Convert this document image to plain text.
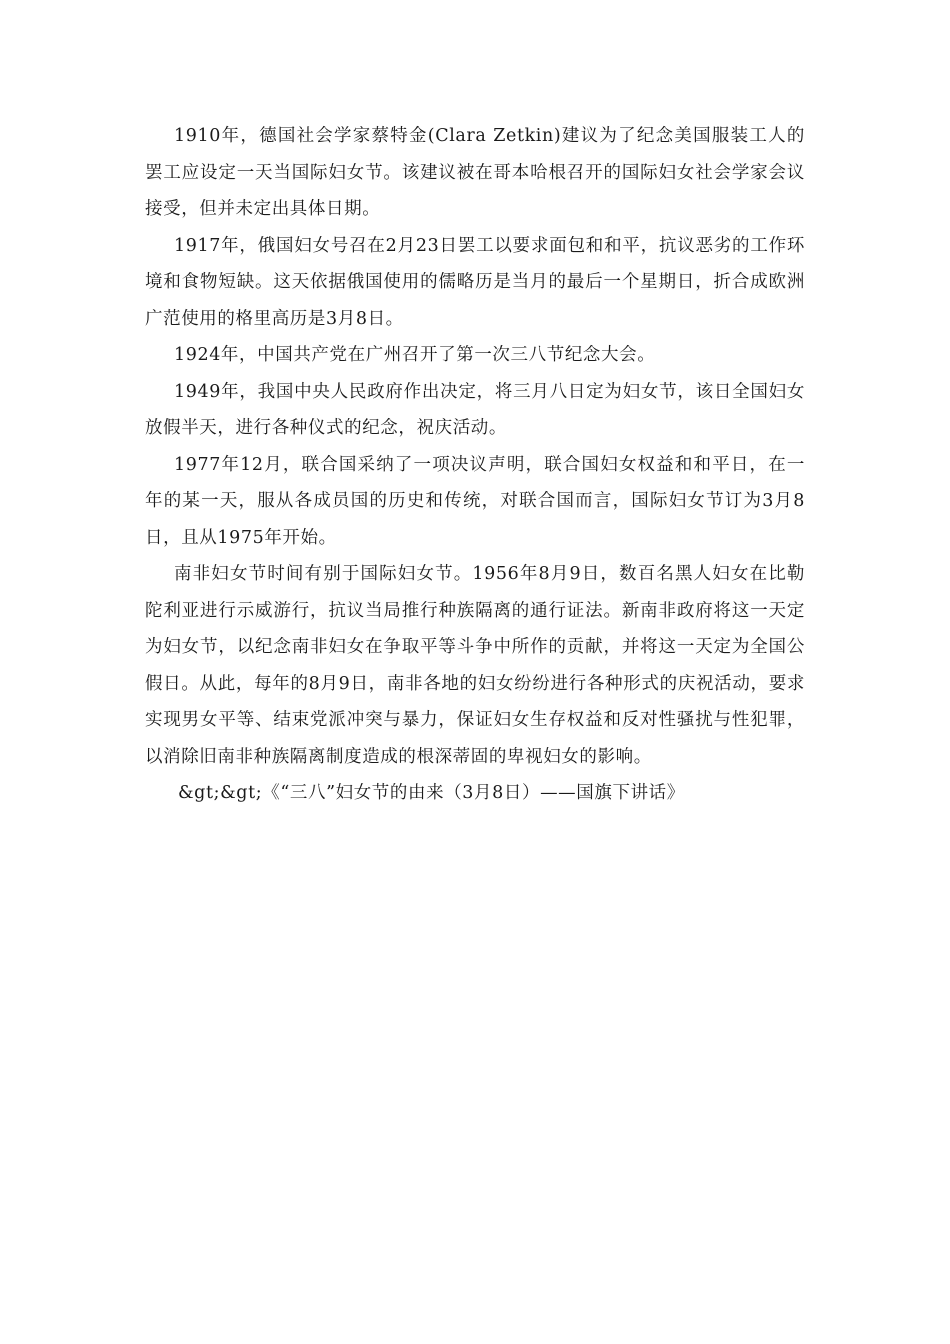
1910年，德国社会学家蔡特金(Clara Zetkin)建议为了纪念美国服装工人的罢工应设定一天当国际妇女节。该建议被在哥本哈根召开的国际妇女社会学家会议接受，但并未定出具体日期。

1917年，俄国妇女号召在2月23日罢工以要求面包和和平，抗议恶劣的工作环境和食物短缺。这天依据俄国使用的儒略历是当月的最后一个星期日，折合成欧洲广范使用的格里高历是3月8日。

1924年，中国共产党在广州召开了第一次三八节纪念大会。

1949年，我国中央人民政府作出决定，将三月八日定为妇女节，该日全国妇女放假半天，进行各种仪式的纪念，祝庆活动。

1977年12月，联合国采纳了一项决议声明，联合国妇女权益和和平日，在一年的某一天，服从各成员国的历史和传统，对联合国而言，国际妇女节订为3月8日，且从1975年开始。

南非妇女节时间有别于国际妇女节。1956年8月9日，数百名黑人妇女在比勒陀利亚进行示威游行，抗议当局推行种族隔离的通行证法。新南非政府将这一天定为妇女节，以纪念南非妇女在争取平等斗争中所作的贡献，并将这一天定为全国公假日。从此，每年的8月9日，南非各地的妇女纷纷进行各种形式的庆祝活动，要求实现男女平等、结束党派冲突与暴力，保证妇女生存权益和反对性骚扰与性犯罪，以消除旧南非种族隔离制度造成的根深蒂固的卑视妇女的影响。

&gt;&gt;《“三八”妇女节的由来（3月8日）——国旗下讲话》
